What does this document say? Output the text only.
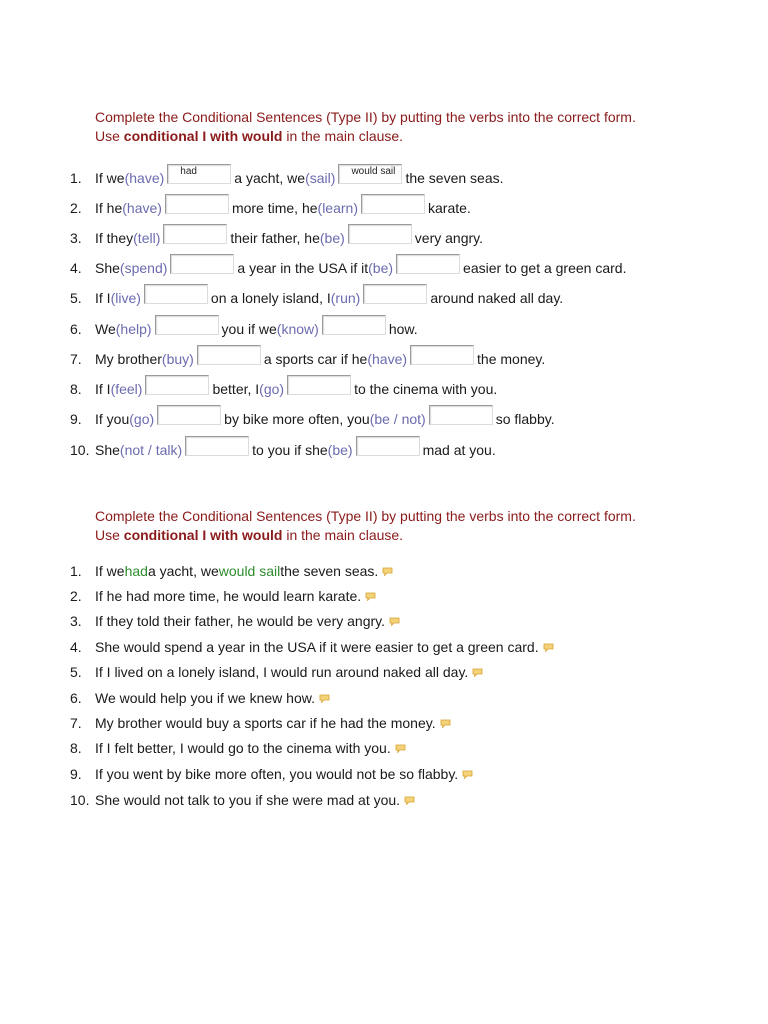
Complete the Conditional Sentences (Type II) by putting the verbs into the correct form.
Use conditional I with would in the main clause.
1. If we (have)	had	a yacht, we (sail)	would sail the seven seas.
2. If he (have)	more time, he (learn)	karate.
3. If they (tell)	their father, he (be)	very angry.
4. She (spend)	a year in the USA if it (be)	easier to get a green card.
5. If I (live)	on a lonely island, I (run)	around naked all day.
6. We (help)	you if we (know)	how.
7. My brother (buy)	a sports car if he (have)	the money.
8. If I (feel)	better, I (go)	to the cinema with you.
9. If you (go)	by bike more often, you (be / not)	so flabby.
10. She (not / talk)	to you if she (be)	mad at you.
Complete the Conditional Sentences (Type II) by putting the verbs into the correct form.
Use conditional I with would in the main clause.
1. If we had a yacht, we would sail the seven seas.
2. If he had more time, he would learn karate.
3. If they told their father, he would be very angry.
4. She would spend a year in the USA if it were easier to get a green card.
5. If I lived on a lonely island, I would run around naked all day.
6. We would help you if we knew how.
7. My brother would buy a sports car if he had the money.
8. If I felt better, I would go to the cinema with you.
9. If you went by bike more often, you would not be so flabby.
10. She would not talk to you if she were mad at you.
